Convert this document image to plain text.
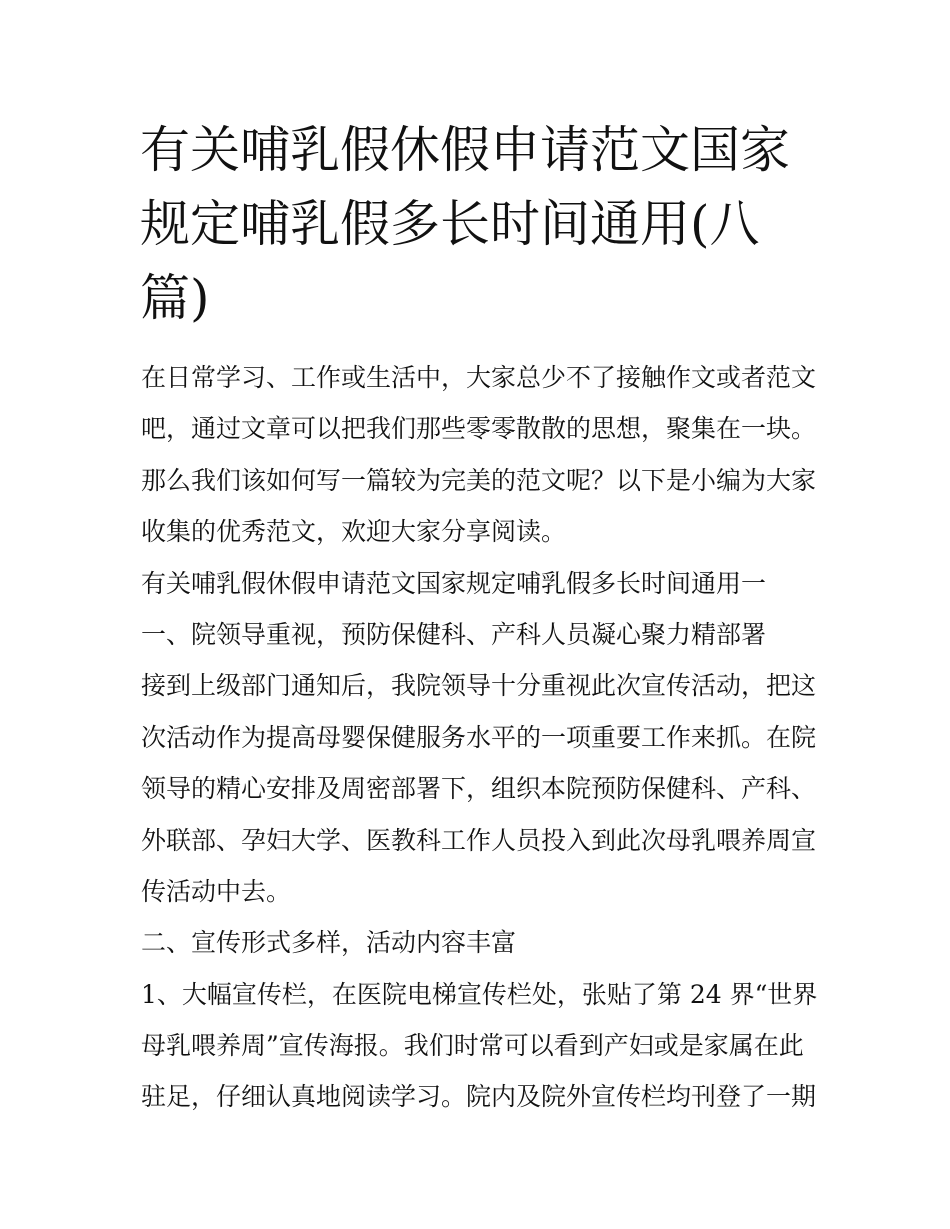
有关哺乳假休假申请范文国家
规定哺乳假多长时间通用(八
篇)
在日常学习、工作或生活中，大家总少不了接触作文或者范文
吧，通过文章可以把我们那些零零散散的思想，聚集在一块。
那么我们该如何写一篇较为完美的范文呢？以下是小编为大家
收集的优秀范文，欢迎大家分享阅读。
有关哺乳假休假申请范文国家规定哺乳假多长时间通用一
一、院领导重视，预防保健科、产科人员凝心聚力精部署
接到上级部门通知后，我院领导十分重视此次宣传活动，把这
次活动作为提高母婴保健服务水平的一项重要工作来抓。在院
领导的精心安排及周密部署下，组织本院预防保健科、产科、
外联部、孕妇大学、医教科工作人员投入到此次母乳喂养周宣
传活动中去。
二、宣传形式多样，活动内容丰富
1、大幅宣传栏，在医院电梯宣传栏处，张贴了第 24 界“世界
母乳喂养周”宣传海报。我们时常可以看到产妇或是家属在此
驻足，仔细认真地阅读学习。院内及院外宣传栏均刊登了一期
